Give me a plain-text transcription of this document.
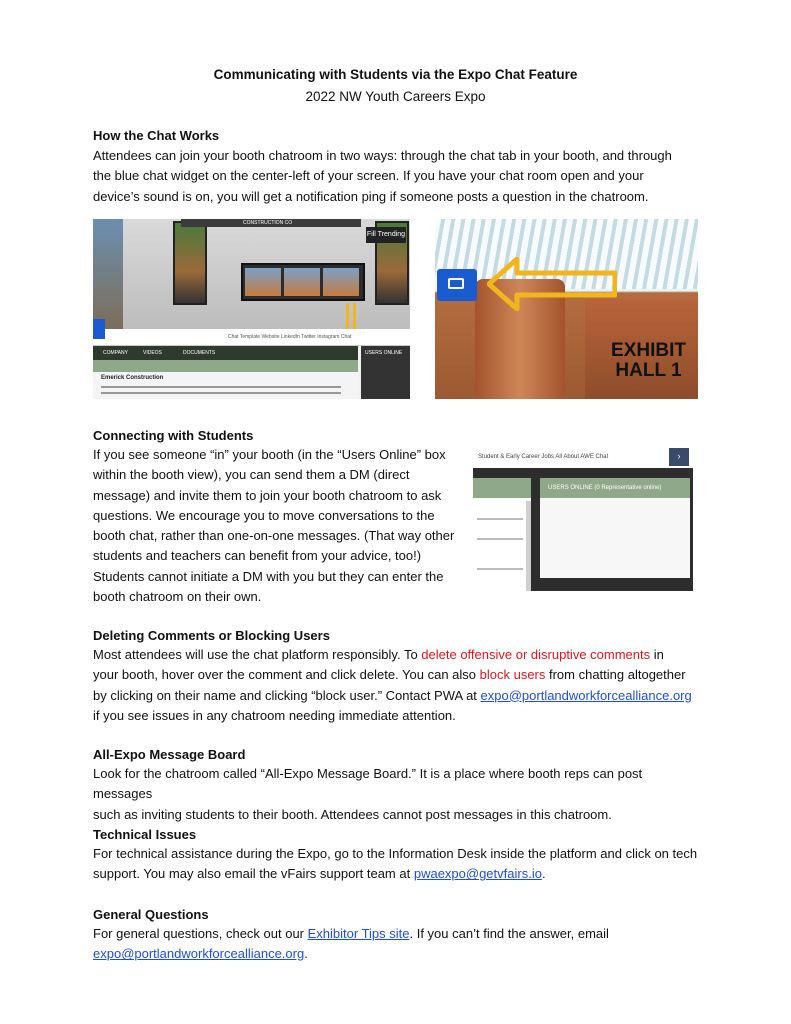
Communicating with Students via the Expo Chat Feature
2022 NW Youth Careers Expo
How the Chat Works
Attendees can join your booth chatroom in two ways: through the chat tab in your booth, and through
the blue chat widget on the center-left of your screen. If you have your chat room open and your
device’s sound is on, you will get a notification ping if someone posts a question in the chatroom.
CONSTRUCTION CO
Fill Trending
Chat Template Website LinkedIn Twitter Instagram Chat
COMPANY	VIDEOS	DOCUMENTS
Emerick Construction
USERS ONLINE	EXHIBIT HALL 1
Connecting with Students
If you see someone “in” your booth (in the “Users Online” box
within the booth view), you can send them a DM (direct
message) and invite them to join your booth chatroom to ask
questions. We encourage you to move conversations to the
booth chat, rather than one-on-one messages. (That way other
students and teachers can benefit from your advice, too!)
Students cannot initiate a DM with you but they can enter the
booth chatroom on their own.
Student & Early Career Jobs All About AWE Chat	›
USERS ONLINE (0 Representative online)
Deleting Comments or Blocking Users
Most attendees will use the chat platform responsibly. To delete offensive or disruptive comments in
your booth, hover over the comment and click delete. You can also block users from chatting altogether
by clicking on their name and clicking “block user.” Contact PWA at expo@portlandworkforcealliance.org
if you see issues in any chatroom needing immediate attention.
All-Expo Message Board
Look for the chatroom called “All-Expo Message Board.” It is a place where booth reps can post messages
such as inviting students to their booth. Attendees cannot post messages in this chatroom.
Technical Issues
For technical assistance during the Expo, go to the Information Desk inside the platform and click on tech
support. You may also email the vFairs support team at pwaexpo@getvfairs.io.
General Questions
For general questions, check out our Exhibitor Tips site. If you can’t find the answer, email
expo@portlandworkforcealliance.org.
